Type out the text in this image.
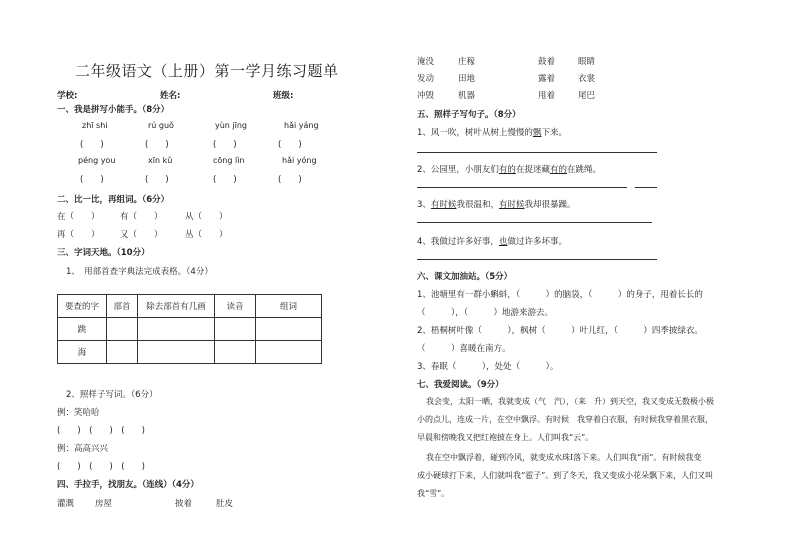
二年级语文（上册）第一学月练习题单
学校:	姓名:	班级:
一、我是拼写小能手。（8分）
zhī shi	rú guǒ	yùn jīng	hǎi yáng
(　　)	(　　)	(　　)	(　　)
péng you	xīn kǔ	cōng lìn	hǎi yóng
(　　)	(　　)	(　　)	(　　)
二、比一比，再组词。（6分）
在（　　） 有（　　）	从（　　）
再（　　） 又（　　）	丛（　　）
三、字词天地。（10分）
1、　用部首查字典法完成表格。（4分）
要查的字	部首	除去部首有几画	读音	组词
跳				
海				
2、照样子写词。（6分）
例：笑哈哈
(　　)　(　　)　(　　)
例：高高兴兴
(　　)　(　　)　(　　)
四、手拉手，找朋友。（连线）（4分）
灌溉 房屋	披着	肚皮
淹没	庄稼	鼓着	眼睛
发动	田地	露着	衣裳
冲毁	机器	甩着	尾巴
五、照样子写句子。（8分）
1、风一吹，树叶从树上慢慢的飘下来。
2、公园里，小朋友们有的在捉迷藏有的在跳绳。
3、有时候我很温和，有时候我却很暴躁。
4、我做过许多好事，也做过许多坏事。
六、课文加油站。（5分）
1、池塘里有一群小蝌蚪，（　　　）的脑袋，（　　　）的身子，甩着长长的
（　　　），（　　　）地游来游去。
2、梧桐树叶像（　　　），枫树（　　　）叶儿红，（　　　）四季披绿衣。
（　　　）喜暖在南方。
3、春眠（　　　），处处（　　　）。
七、我爱阅读。（9分）
我会变，太阳一晒，我就变成（气　汽），（来　升）到天空，我又变成无数极小极
小的点儿，连成一片，在空中飘浮。有时候　我穿着白衣服，有时候我穿着黑衣服，
早晨和傍晚我又把红袍披在身上。人们叫我“云”。
我在空中飘浮着，碰到冷风，就变成水珠Ⅰ落下来。人们叫我“雨”。有时候我变
成小硬球打下来，人们就叫我“雹子”。到了冬天，我又变成小花朵飘下来，人们又叫
我“雪”。
